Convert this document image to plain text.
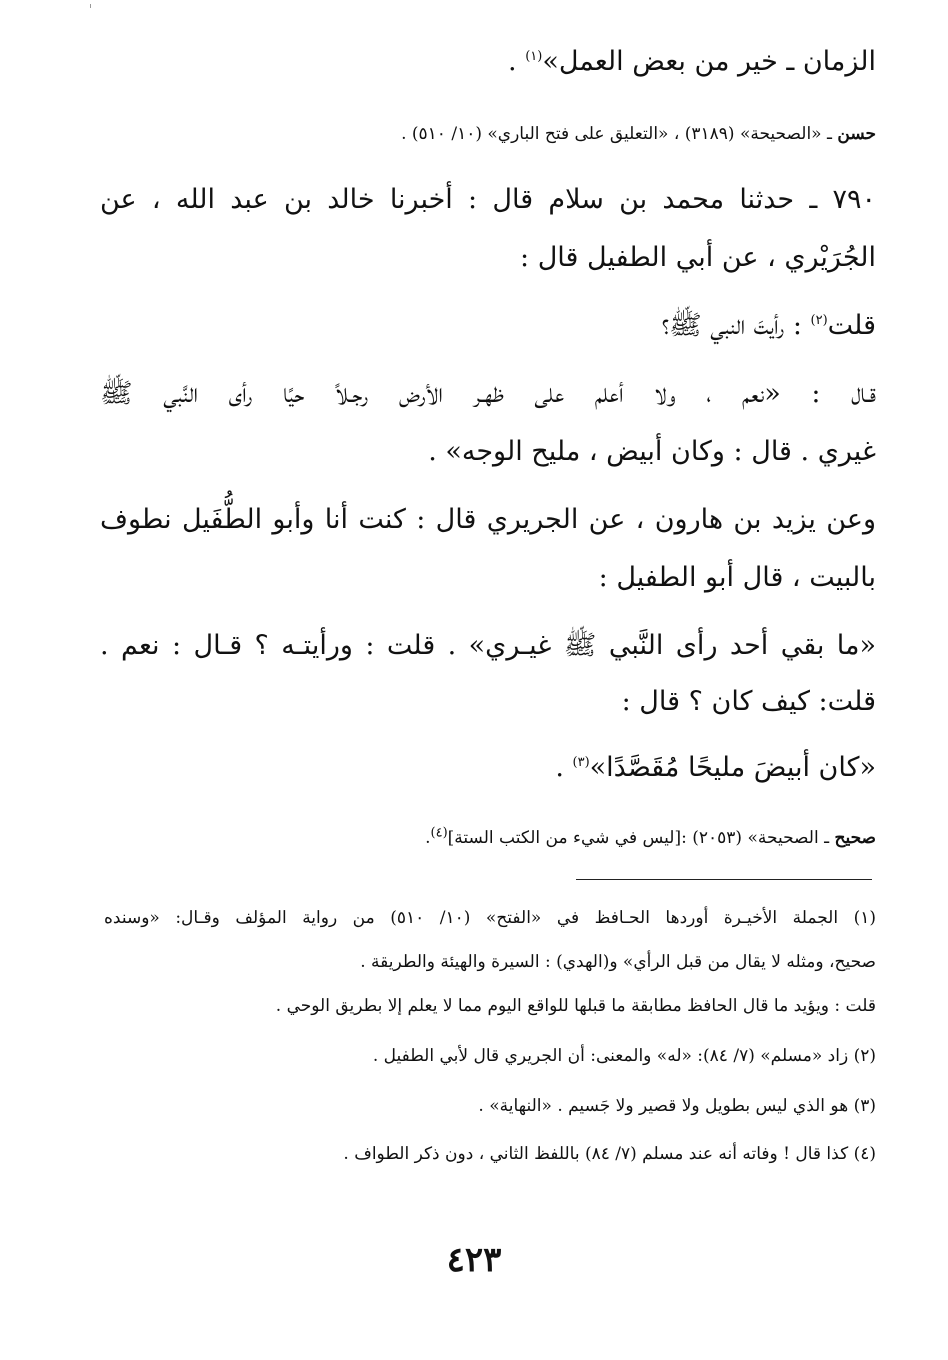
الزمان ـ خير من بعض العمل»$^{(١)}$ .
حسن ـ «الصحيحة» (٣١٨٩) ، «التعليق على فتح الباري» (١٠/ ٥١٠) .
٧٩٠ ـ حدثنا محمد بن سلام قال : أخبرنا خالد بن عبد الله ، عن
الجُرَيْري ، عن أبي الطفيل قال :
قلت$^{(٢)}$ : رأيتَ النبي ﷺ؟
قـال : «نعم ، ولا أعلم على ظهـر الأرض رجـلاً حيًا رأى النَّبي ﷺ
غيري . قال : وكان أبيض ، مليح الوجه» .
وعن يزيد بن هارون ، عن الجريري قال : كنت أنا وأبو الطُّفَيل نطوف
بالبيت ، قال أبو الطفيل :
«ما بقي أحد رأى النَّبي ﷺ غيـري» . قلت : ورأيتـه ؟ قـال : نعم .
قلت: كيف كان ؟ قال :
«كان أبيضَ مليحًا مُقَصَّدًا»$^{(٣)}$ .
صحيح ـ الصحيحة» (٢٠٥٣) :[ليس في شيء من الكتب الستة]$^{(٤)}$.
(١) الجملة الأخيـرة أوردها الحـافظ في «الفتح» (١٠/ ٥١٠) من رواية المؤلف وقـال: «وسنده
صحيح، ومثله لا يقال من قبل الرأي» و(الهدي) : السيرة والهيئة والطريقة .
قلت : ويؤيد ما قال الحافظ مطابقة ما قبلها للواقع اليوم مما لا يعلم إلا بطريق الوحي .
(٢) زاد «مسلم» (٧/ ٨٤): «له» والمعنى: أن الجريري قال لأبي الطفيل .
(٣) هو الذي ليس بطويل ولا قصير ولا جَسيم . «النهاية» .
(٤) كذا قال ! وفاته أنه عند مسلم (٧/ ٨٤) باللفظ الثاني ، دون ذكر الطواف .
٤٢٣
